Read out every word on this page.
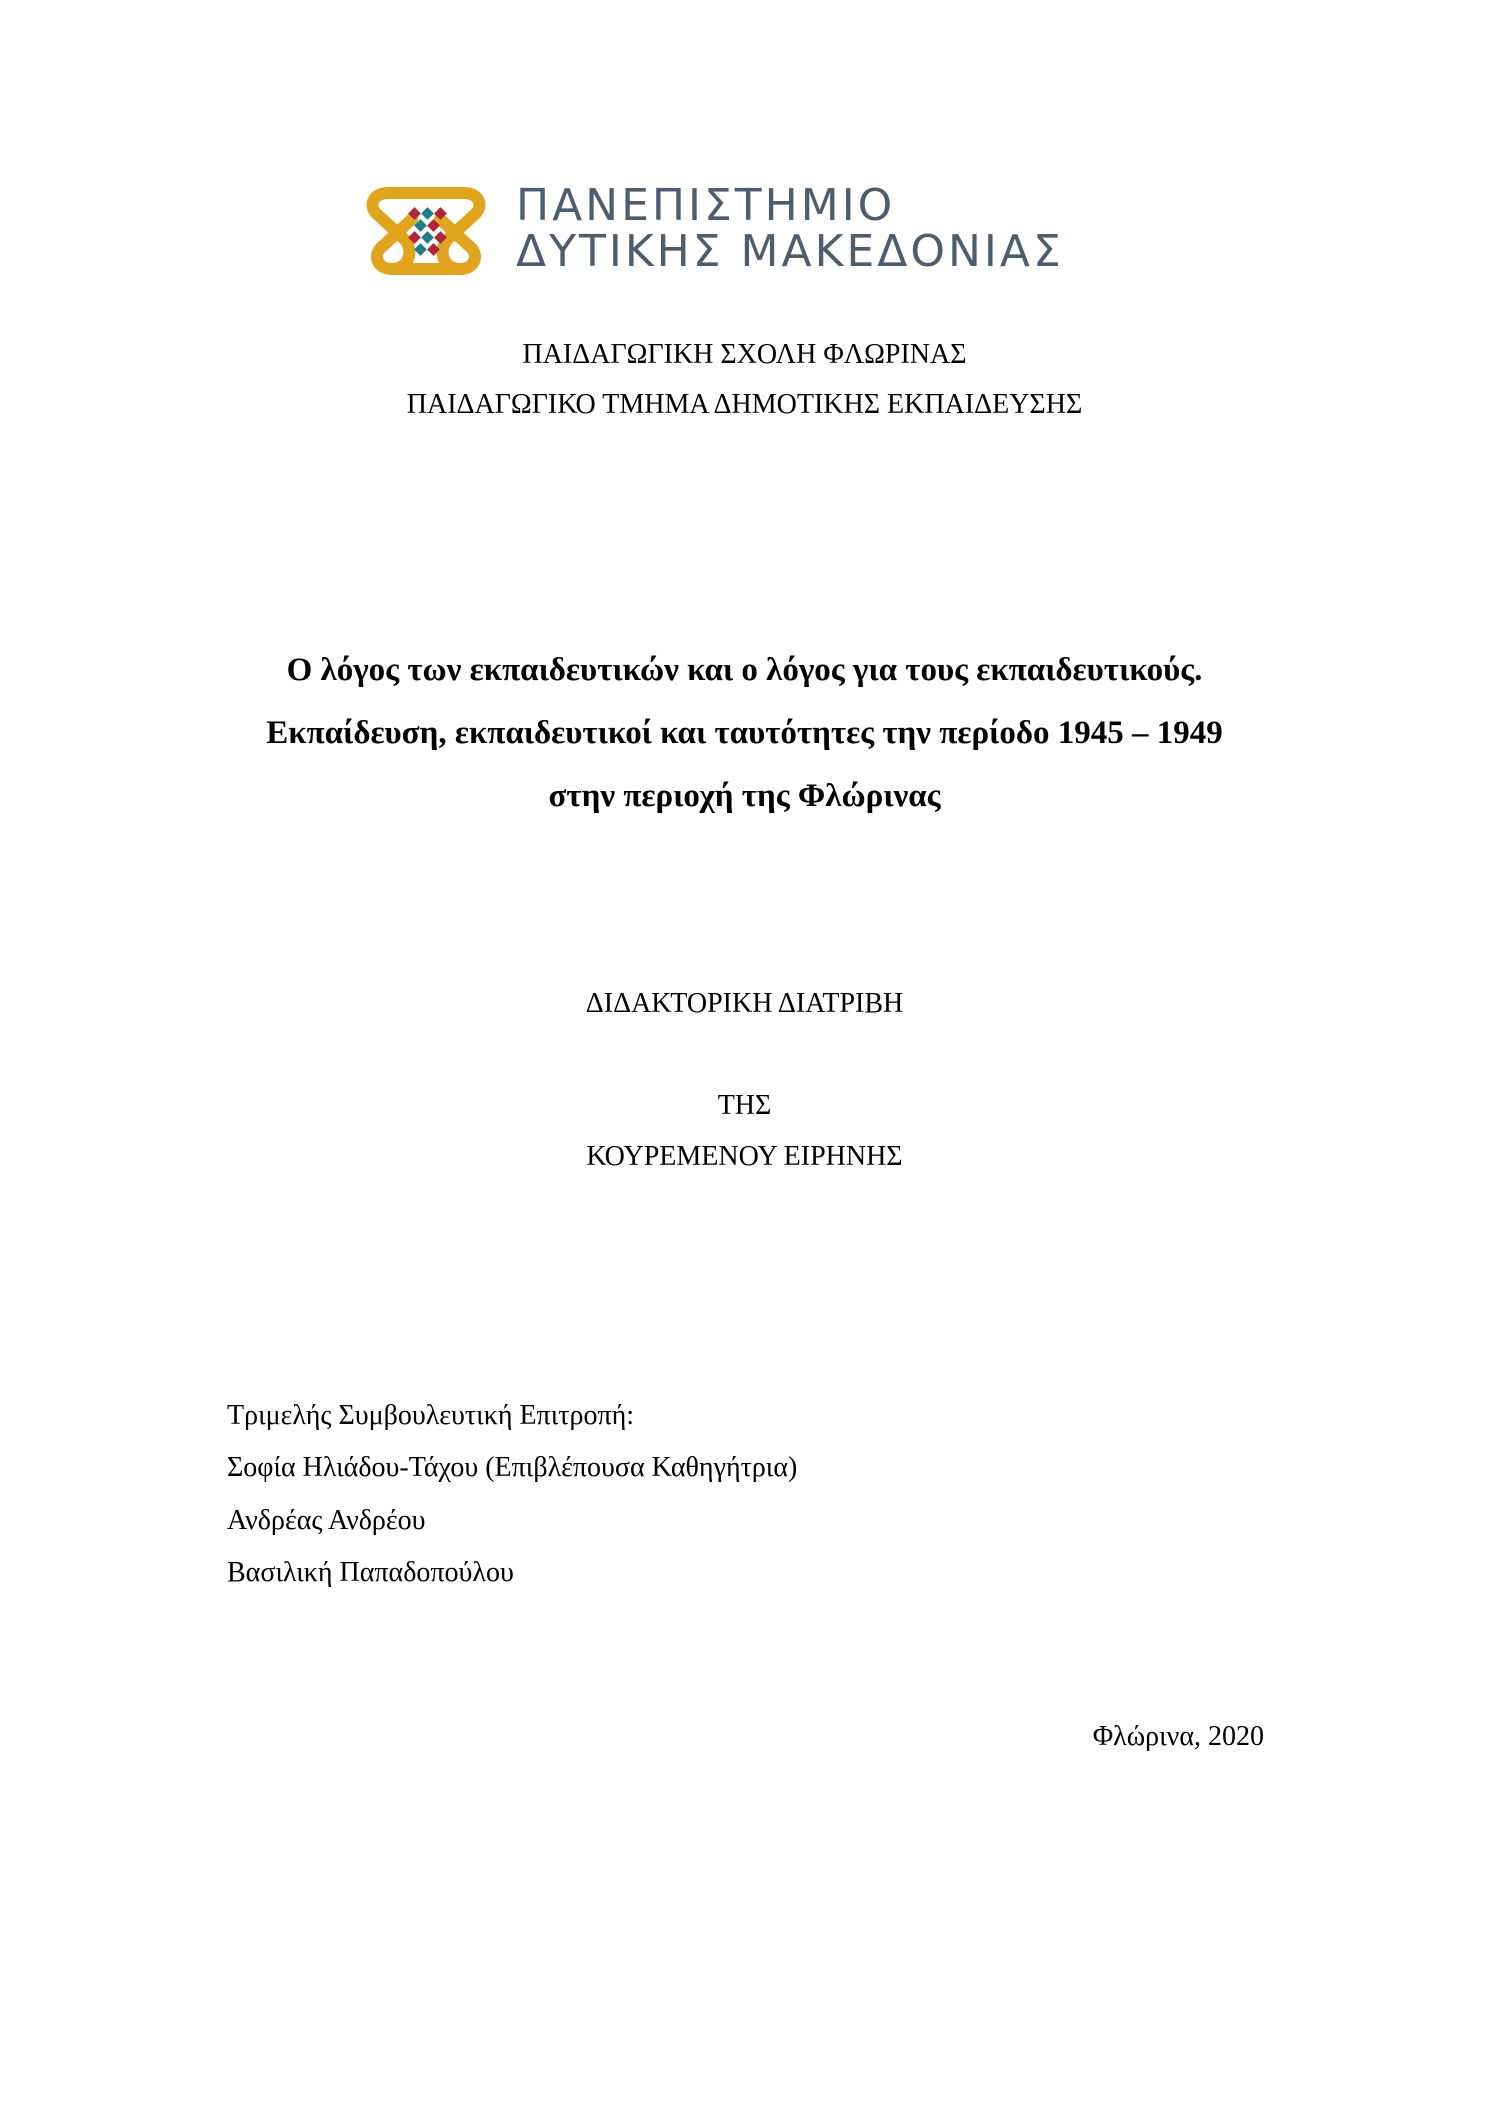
ΠΑΝΕΠΙΣΤΗΜΙΟ
ΔΥΤΙΚΗΣ ΜΑΚΕΔΟΝΙΑΣ
ΠΑΙΔΑΓΩΓΙΚΗ ΣΧΟΛΗ ΦΛΩΡΙΝΑΣ
ΠΑΙΔΑΓΩΓΙΚΟ ΤΜΗΜΑ ΔΗΜΟΤΙΚΗΣ ΕΚΠΑΙΔΕΥΣΗΣ
Ο λόγος των εκπαιδευτικών και ο λόγος για τους εκπαιδευτικούς.
Εκπαίδευση, εκπαιδευτικοί και ταυτότητες την περίοδο 1945 – 1949
στην περιοχή της Φλώρινας
ΔΙΔΑΚΤΟΡΙΚΗ ΔΙΑΤΡΙΒΗ
ΤΗΣ
ΚΟΥΡΕΜΕΝΟΥ ΕΙΡΗΝΗΣ
Τριμελής Συμβουλευτική Επιτροπή:
Σοφία Ηλιάδου-Τάχου (Επιβλέπουσα Καθηγήτρια)
Ανδρέας Ανδρέου
Βασιλική Παπαδοπούλου
Φλώρινα, 2020
